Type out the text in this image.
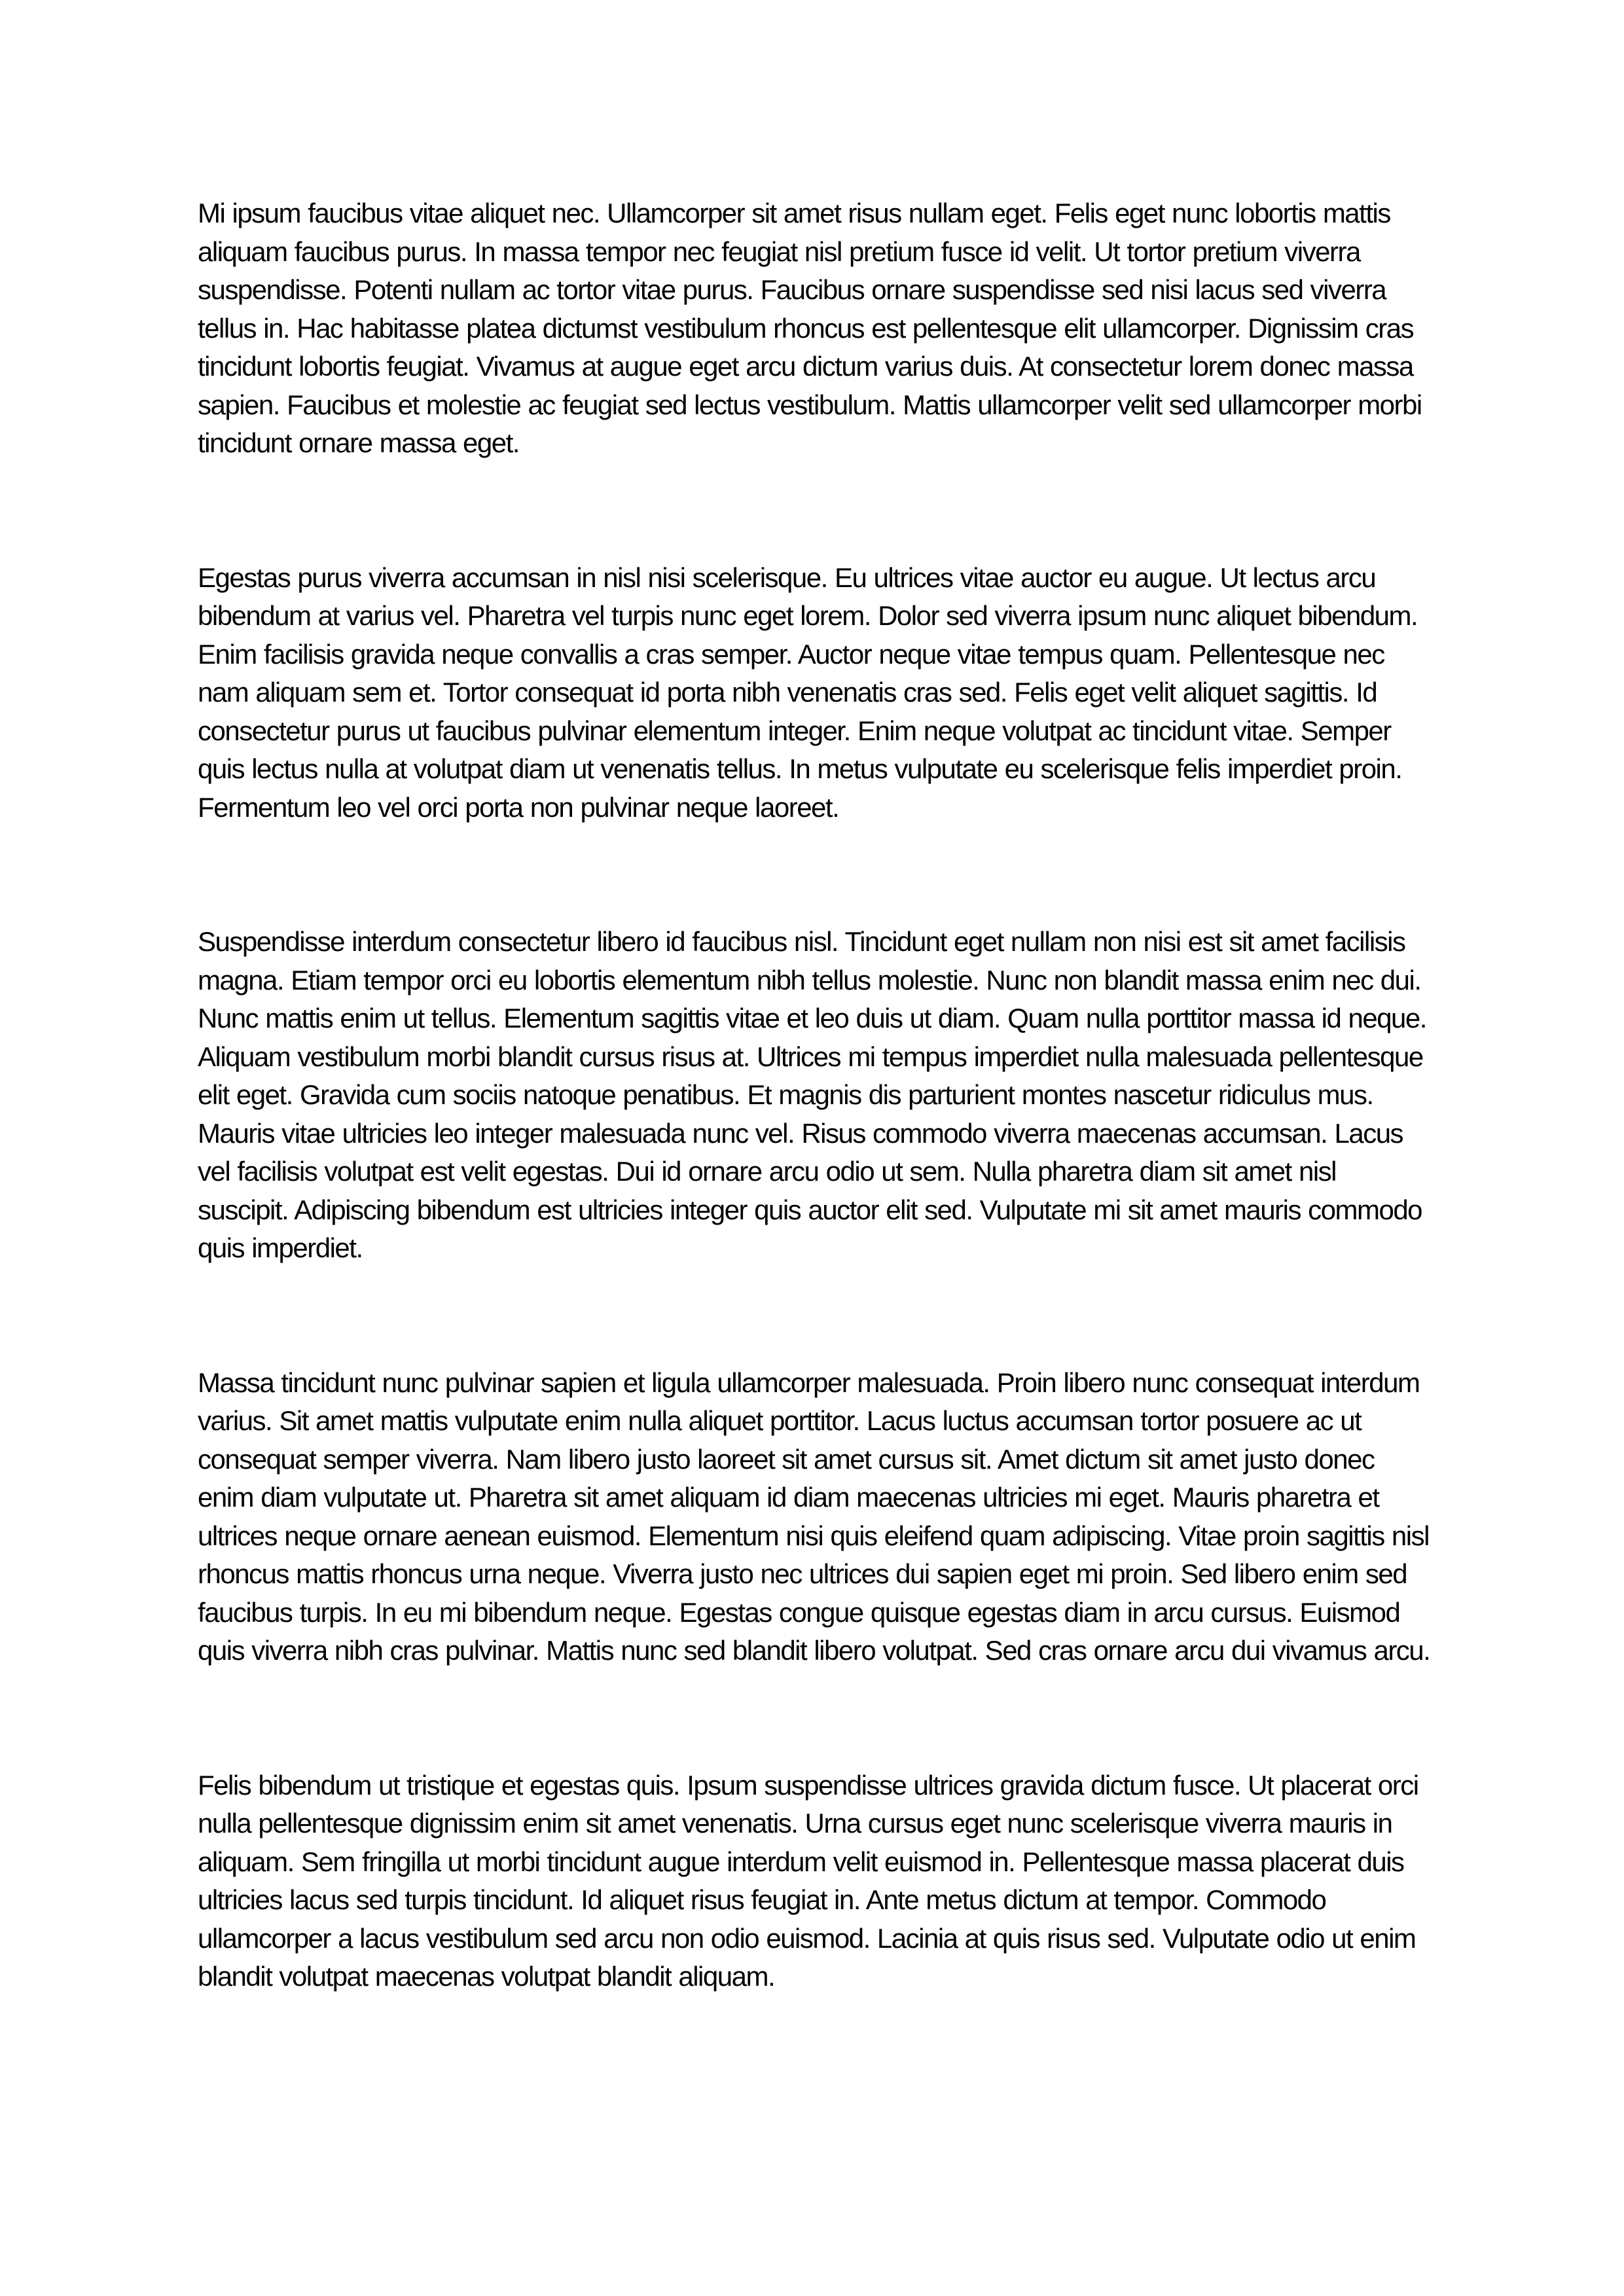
Mi ipsum faucibus vitae aliquet nec. Ullamcorper sit amet risus nullam eget. Felis eget nunc lobortis mattis aliquam faucibus purus. In massa tempor nec feugiat nisl pretium fusce id velit. Ut tortor pretium viverra suspendisse. Potenti nullam ac tortor vitae purus. Faucibus ornare suspendisse sed nisi lacus sed viverra tellus in. Hac habitasse platea dictumst vestibulum rhoncus est pellentesque elit ullamcorper. Dignissim cras tincidunt lobortis feugiat. Vivamus at augue eget arcu dictum varius duis. At consectetur lorem donec massa sapien. Faucibus et molestie ac feugiat sed lectus vestibulum. Mattis ullamcorper velit sed ullamcorper morbi tincidunt ornare massa eget.

Egestas purus viverra accumsan in nisl nisi scelerisque. Eu ultrices vitae auctor eu augue. Ut lectus arcu bibendum at varius vel. Pharetra vel turpis nunc eget lorem. Dolor sed viverra ipsum nunc aliquet bibendum. Enim facilisis gravida neque convallis a cras semper. Auctor neque vitae tempus quam. Pellentesque nec nam aliquam sem et. Tortor consequat id porta nibh venenatis cras sed. Felis eget velit aliquet sagittis. Id consectetur purus ut faucibus pulvinar elementum integer. Enim neque volutpat ac tincidunt vitae. Semper quis lectus nulla at volutpat diam ut venenatis tellus. In metus vulputate eu scelerisque felis imperdiet proin. Fermentum leo vel orci porta non pulvinar neque laoreet.

Suspendisse interdum consectetur libero id faucibus nisl. Tincidunt eget nullam non nisi est sit amet facilisis magna. Etiam tempor orci eu lobortis elementum nibh tellus molestie. Nunc non blandit massa enim nec dui. Nunc mattis enim ut tellus. Elementum sagittis vitae et leo duis ut diam. Quam nulla porttitor massa id neque. Aliquam vestibulum morbi blandit cursus risus at. Ultrices mi tempus imperdiet nulla malesuada pellentesque elit eget. Gravida cum sociis natoque penatibus. Et magnis dis parturient montes nascetur ridiculus mus. Mauris vitae ultricies leo integer malesuada nunc vel. Risus commodo viverra maecenas accumsan. Lacus vel facilisis volutpat est velit egestas. Dui id ornare arcu odio ut sem. Nulla pharetra diam sit amet nisl suscipit. Adipiscing bibendum est ultricies integer quis auctor elit sed. Vulputate mi sit amet mauris commodo quis imperdiet.

Massa tincidunt nunc pulvinar sapien et ligula ullamcorper malesuada. Proin libero nunc consequat interdum varius. Sit amet mattis vulputate enim nulla aliquet porttitor. Lacus luctus accumsan tortor posuere ac ut consequat semper viverra. Nam libero justo laoreet sit amet cursus sit. Amet dictum sit amet justo donec enim diam vulputate ut. Pharetra sit amet aliquam id diam maecenas ultricies mi eget. Mauris pharetra et ultrices neque ornare aenean euismod. Elementum nisi quis eleifend quam adipiscing. Vitae proin sagittis nisl rhoncus mattis rhoncus urna neque. Viverra justo nec ultrices dui sapien eget mi proin. Sed libero enim sed faucibus turpis. In eu mi bibendum neque. Egestas congue quisque egestas diam in arcu cursus. Euismod quis viverra nibh cras pulvinar. Mattis nunc sed blandit libero volutpat. Sed cras ornare arcu dui vivamus arcu.

Felis bibendum ut tristique et egestas quis. Ipsum suspendisse ultrices gravida dictum fusce. Ut placerat orci nulla pellentesque dignissim enim sit amet venenatis. Urna cursus eget nunc scelerisque viverra mauris in aliquam. Sem fringilla ut morbi tincidunt augue interdum velit euismod in. Pellentesque massa placerat duis ultricies lacus sed turpis tincidunt. Id aliquet risus feugiat in. Ante metus dictum at tempor. Commodo ullamcorper a lacus vestibulum sed arcu non odio euismod. Lacinia at quis risus sed. Vulputate odio ut enim blandit volutpat maecenas volutpat blandit aliquam.
